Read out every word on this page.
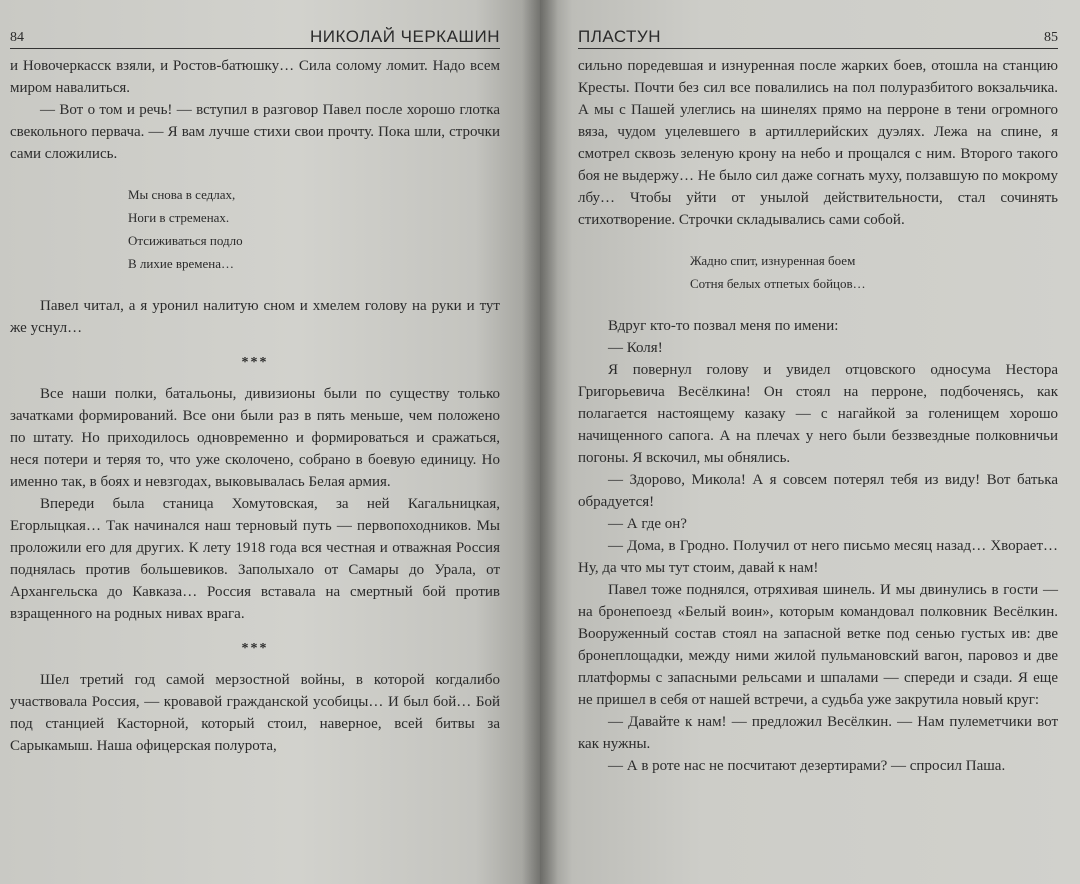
84	НИКОЛАЙ ЧЕРКАШИН

и Новочеркасск взяли, и Ростов-батюшку… Сила солому ломит. Надо всем миром навалиться.

— Вот о том и речь! — вступил в разговор Павел после хорошо глотка свекольного первача. — Я вам лучше стихи свои прочту. Пока шли, строчки сами сложились.

Мы снова в седлах,
Ноги в стременах.
Отсиживаться подло
В лихие времена…

Павел читал, а я уронил налитую сном и хмелем голову на руки и тут же уснул…

***

Все наши полки, батальоны, дивизионы были по существу только зачатками формирований. Все они были раз в пять меньше, чем положено по штату. Но приходилось одновременно и формироваться и сражаться, неся потери и теряя то, что уже сколочено, собрано в боевую единицу. Но именно так, в боях и невзгодах, выковывалась Белая армия.

Впереди была станица Хомутовская, за ней Кагальницкая, Егорлыцкая… Так начинался наш терновый путь — первопоходников. Мы проложили его для других. К лету 1918 года вся честная и отважная Россия поднялась против большевиков. Заполыхало от Самары до Урала, от Архангельска до Кавказа… Россия вставала на смертный бой против взращенного на родных нивах врага.

***

Шел третий год самой мерзостной войны, в которой когдалибо участвовала Россия, — кровавой гражданской усобицы… И был бой… Бой под станцией Касторной, который стоил, наверное, всей битвы за Сарыкамыш. Наша офицерская полурота,

ПЛАСТУН	85

сильно поредевшая и изнуренная после жарких боев, отошла на станцию Кресты. Почти без сил все повалились на пол полуразбитого вокзальчика. А мы с Пашей улеглись на шинелях прямо на перроне в тени огромного вяза, чудом уцелевшего в артиллерийских дуэлях. Лежа на спине, я смотрел сквозь зеленую крону на небо и прощался с ним. Второго такого боя не выдержу… Не было сил даже согнать муху, ползавшую по мокрому лбу… Чтобы уйти от унылой действительности, стал сочинять стихотворение. Строчки складывались сами собой.

Жадно спит, изнуренная боем
Сотня белых отпетых бойцов…

Вдруг кто-то позвал меня по имени:

— Коля!

Я повернул голову и увидел отцовского односума Нестора Григорьевича Весёлкина! Он стоял на перроне, подбоченясь, как полагается настоящему казаку — с нагайкой за голенищем хорошо начищенного сапога. А на плечах у него были беззвездные полковничьи погоны. Я вскочил, мы обнялись.

— Здорово, Микола! А я совсем потерял тебя из виду! Вот батька обрадуется!

— А где он?

— Дома, в Гродно. Получил от него письмо месяц назад… Хворает… Ну, да что мы тут стоим, давай к нам!

Павел тоже поднялся, отряхивая шинель. И мы двинулись в гости — на бронепоезд «Белый воин», которым командовал полковник Весёлкин. Вооруженный состав стоял на запасной ветке под сенью густых ив: две бронеплощадки, между ними жилой пульмановский вагон, паровоз и две платформы с запасными рельсами и шпалами — спереди и сзади. Я еще не пришел в себя от нашей встречи, а судьба уже закрутила новый круг:

— Давайте к нам! — предложил Весёлкин. — Нам пулеметчики вот как нужны.

— А в роте нас не посчитают дезертирами? — спросил Паша.
